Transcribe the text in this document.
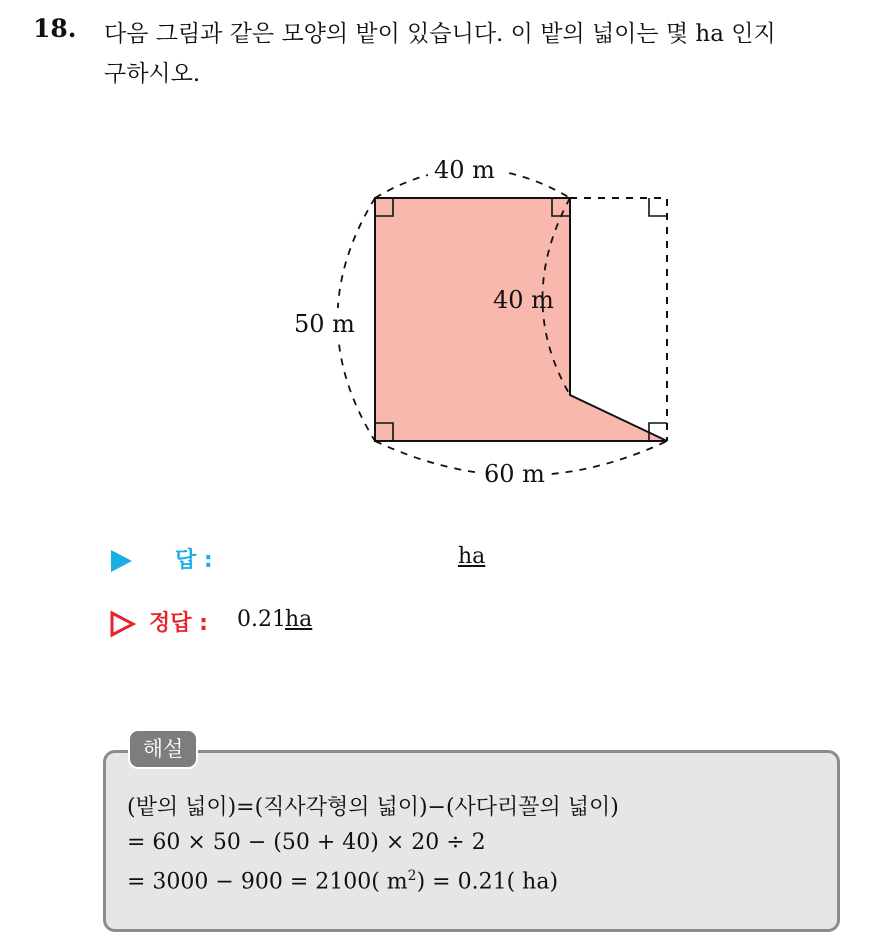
18. 다음 그림과 같은 모양의 밭이 있습니다. 이 밭의 넓이는 몇 ha 인지
구하시오.
40 m
50 m
40 m
60 m
답 :	ha
정답 : 0.21 ha
해설
(밭의 넓이)=(직사각형의 넓이)−(사다리꼴의 넓이)
= 60 × 50 − (50 + 40) × 20 ÷ 2
= 3000 − 900 = 2100( $m^2) = 0.21$( ha)
